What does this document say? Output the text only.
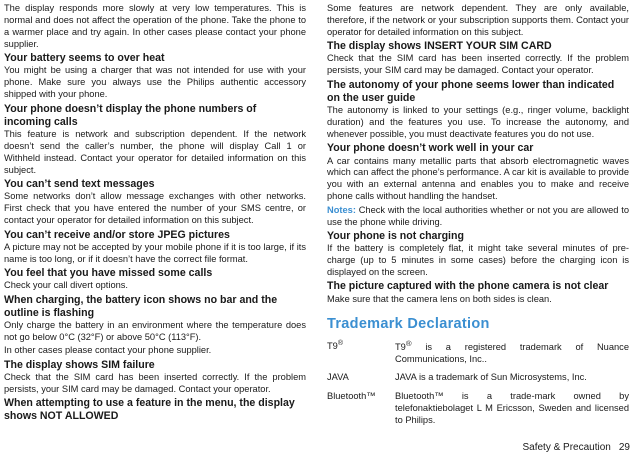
The display responds more slowly at very low temperatures. This is normal and does not affect the operation of the phone. Take the phone to a warmer place and try again. In other cases please contact your phone supplier.

Your battery seems to over heat

You might be using a charger that was not intended for use with your phone. Make sure you always use the Philips authentic accessory shipped with your phone.

Your phone doesn’t display the phone numbers of incoming calls

This feature is network and subscription dependent. If the network doesn’t send the caller’s number, the phone will display Call 1 or Withheld instead. Contact your operator for detailed information on this subject.

You can’t send text messages

Some networks don’t allow message exchanges with other networks. First check that you have entered the number of your SMS centre, or contact your operator for detailed information on this subject.

You can’t receive and/or store JPEG pictures

A picture may not be accepted by your mobile phone if it is too large, if its name is too long, or if it doesn’t have the correct file format.

You feel that you have missed some calls

Check your call divert options.

When charging, the battery icon shows no bar and the outline is flashing

Only charge the battery in an environment where the temperature does not go below 0°C (32°F) or above 50°C (113°F).

In other cases please contact your phone supplier.

The display shows SIM failure

Check that the SIM card has been inserted correctly. If the problem persists, your SIM card may be damaged. Contact your operator.

When attempting to use a feature in the menu, the display shows NOT ALLOWED

Some features are network dependent. They are only available, therefore, if the network or your subscription supports them. Contact your operator for detailed information on this subject.

The display shows INSERT YOUR SIM CARD

Check that the SIM card has been inserted correctly. If the problem persists, your SIM card may be damaged. Contact your operator.

The autonomy of your phone seems lower than indicated on the user guide

The autonomy is linked to your settings (e.g., ringer volume, backlight duration) and the features you use. To increase the autonomy, and whenever possible, you must deactivate features you do not use.

Your phone doesn’t work well in your car

A car contains many metallic parts that absorb electromagnetic waves which can affect the phone’s performance. A car kit is available to provide you with an external antenna and enables you to make and receive phone calls without handling the handset.

Notes: Check with the local authorities whether or not you are allowed to use the phone while driving.

Your phone is not charging

If the battery is completely flat, it might take several minutes of pre-charge (up to 5 minutes in some cases) before the charging icon is displayed on the screen.

The picture captured with the phone camera is not clear

Make sure that the camera lens on both sides is clean.

Trademark Declaration
T9®	T9® is a registered trademark of Nuance Communications, Inc..
JAVA	JAVA is a trademark of Sun Microsystems, Inc.
Bluetooth™	Bluetooth™ is a trade-mark owned by telefonaktiebolaget L M Ericsson, Sweden and licensed to Philips.
Safety & Precaution 29
